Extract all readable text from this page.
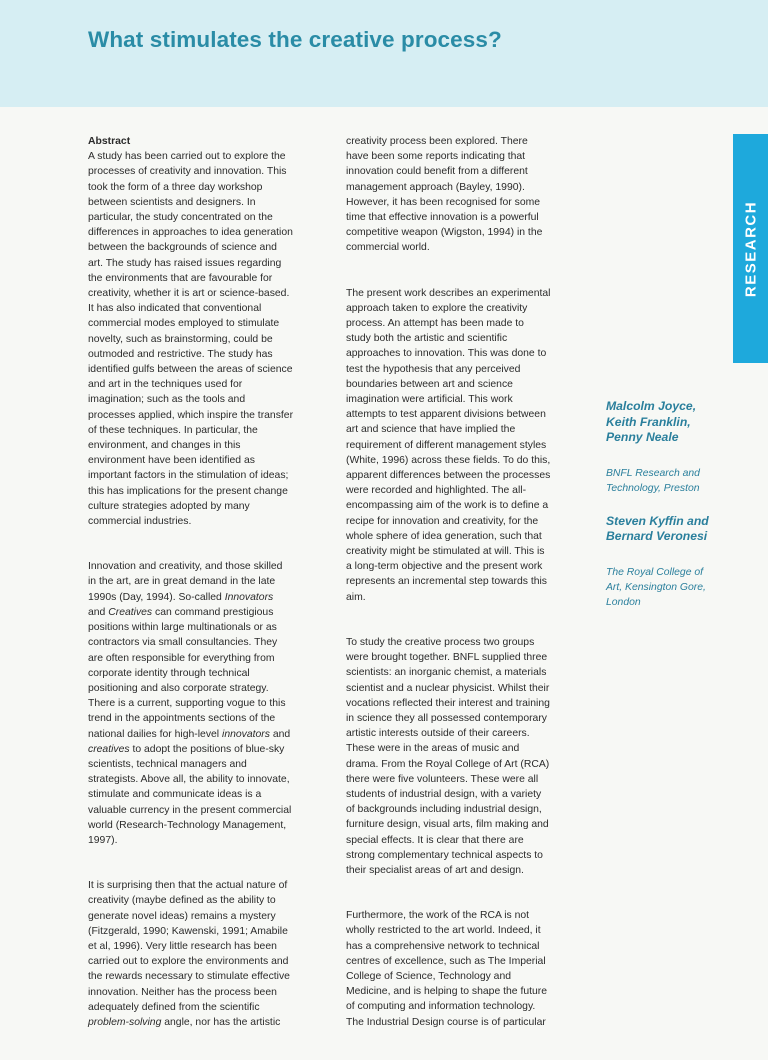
What stimulates the creative process?

Abstract
A study has been carried out to explore the
processes of creativity and innovation. This
took the form of a three day workshop
between scientists and designers. In
particular, the study concentrated on the
differences in approaches to idea generation
between the backgrounds of science and
art. The study has raised issues regarding
the environments that are favourable for
creativity, whether it is art or science-based.
It has also indicated that conventional
commercial modes employed to stimulate
novelty, such as brainstorming, could be
outmoded and restrictive. The study has
identified gulfs between the areas of science
and art in the techniques used for
imagination; such as the tools and
processes applied, which inspire the transfer
of these techniques. In particular, the
environment, and changes in this
environment have been identified as
important factors in the stimulation of ideas;
this has implications for the present change
culture strategies adopted by many
commercial industries.

Innovation and creativity, and those skilled
in the art, are in great demand in the late
1990s (Day, 1994). So-called Innovators
and Creatives can command prestigious
positions within large multinationals or as
contractors via small consultancies. They
are often responsible for everything from
corporate identity through technical
positioning and also corporate strategy.
There is a current, supporting vogue to this
trend in the appointments sections of the
national dailies for high-level innovators and
creatives to adopt the positions of blue-sky
scientists, technical managers and
strategists. Above all, the ability to innovate,
stimulate and communicate ideas is a
valuable currency in the present commercial
world (Research-Technology Management,
1997).

It is surprising then that the actual nature of
creativity (maybe defined as the ability to
generate novel ideas) remains a mystery
(Fitzgerald, 1990; Kawenski, 1991; Amabile
et al, 1996). Very little research has been
carried out to explore the environments and
the rewards necessary to stimulate effective
innovation. Neither has the process been
adequately defined from the scientific
problem-solving angle, nor has the artistic

creativity process been explored. There
have been some reports indicating that
innovation could benefit from a different
management approach (Bayley, 1990).
However, it has been recognised for some
time that effective innovation is a powerful
competitive weapon (Wigston, 1994) in the
commercial world.

The present work describes an experimental
approach taken to explore the creativity
process. An attempt has been made to
study both the artistic and scientific
approaches to innovation. This was done to
test the hypothesis that any perceived
boundaries between art and science
imagination were artificial. This work
attempts to test apparent divisions between
art and science that have implied the
requirement of different management styles
(White, 1996) across these fields. To do this,
apparent differences between the processes
were recorded and highlighted. The all-
encompassing aim of the work is to define a
recipe for innovation and creativity, for the
whole sphere of idea generation, such that
creativity might be stimulated at will. This is
a long-term objective and the present work
represents an incremental step towards this
aim.

To study the creative process two groups
were brought together. BNFL supplied three
scientists: an inorganic chemist, a materials
scientist and a nuclear physicist. Whilst their
vocations reflected their interest and training
in science they all possessed contemporary
artistic interests outside of their careers.
These were in the areas of music and
drama. From the Royal College of Art (RCA)
there were five volunteers. These were all
students of industrial design, with a variety
of backgrounds including industrial design,
furniture design, visual arts, film making and
special effects. It is clear that there are
strong complementary technical aspects to
their specialist areas of art and design.

Furthermore, the work of the RCA is not
wholly restricted to the art world. Indeed, it
has a comprehensive network to technical
centres of excellence, such as The Imperial
College of Science, Technology and
Medicine, and is helping to shape the future
of computing and information technology.
The Industrial Design course is of particular

RESEARCH
Malcolm Joyce,
Keith Franklin,
Penny Neale
BNFL Research and
Technology, Preston
Steven Kyffin and
Bernard Veronesi
The Royal College of
Art, Kensington Gore,
London
